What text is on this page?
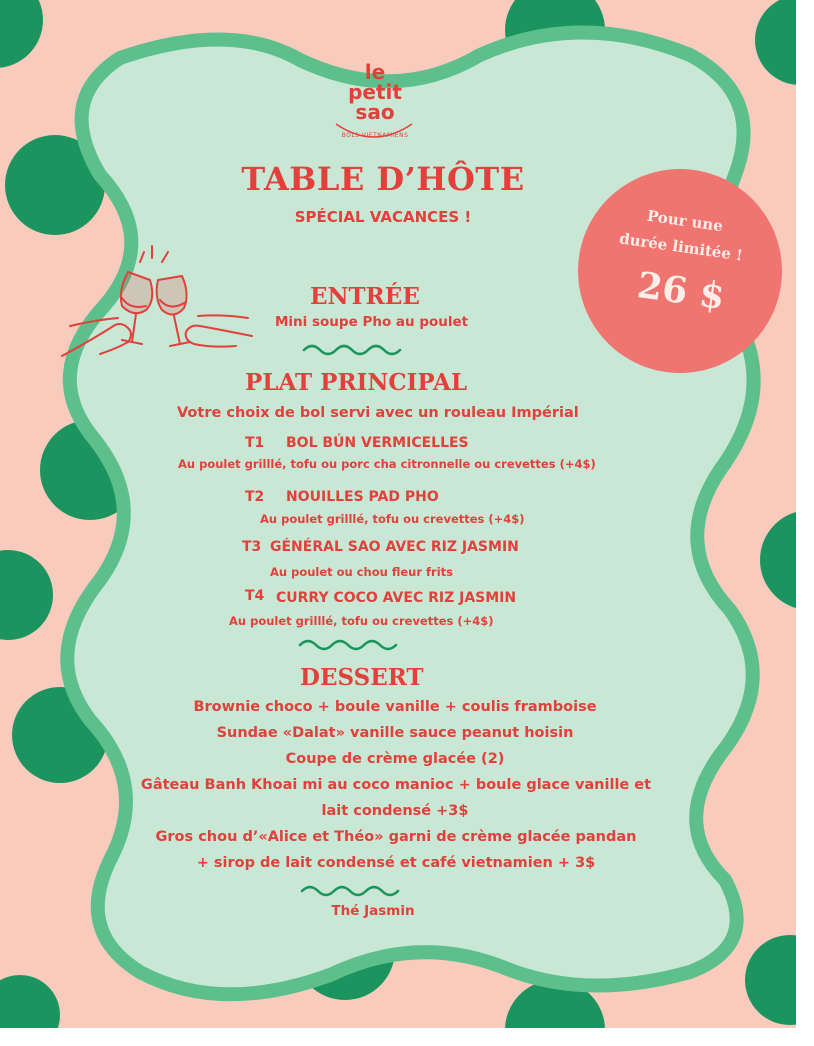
le
petit
sao
BOLS VIETNAMIENS
TABLE D’HÔTE
SPÉCIAL VACANCES !	Pour une
durée limitée !
26 $
ENTRÉE
Mini soupe Pho au poulet
PLAT PRINCIPAL
Votre choix de bol servi avec un rouleau Impérial
T1 BOL BÚN VERMICELLES
Au poulet grilllé, tofu ou porc cha citronnelle ou crevettes (+4$)
T2 NOUILLES PAD PHO
Au poulet grilllé, tofu ou crevettes (+4$)
T3 GÉNÉRAL SAO AVEC RIZ JASMIN
Au poulet ou chou fleur frits
T4 CURRY COCO AVEC RIZ JASMIN
Au poulet grilllé, tofu ou crevettes (+4$)
DESSERT
Brownie choco + boule vanille + coulis framboise
Sundae «Dalat» vanille sauce peanut hoisin
Coupe de crème glacée (2)
Gâteau Banh Khoai mi au coco manioc + boule glace vanille et
lait condensé +3$
Gros chou d’«Alice et Théo» garni de crème glacée pandan
+ sirop de lait condensé et café vietnamien + 3$
Thé Jasmin
